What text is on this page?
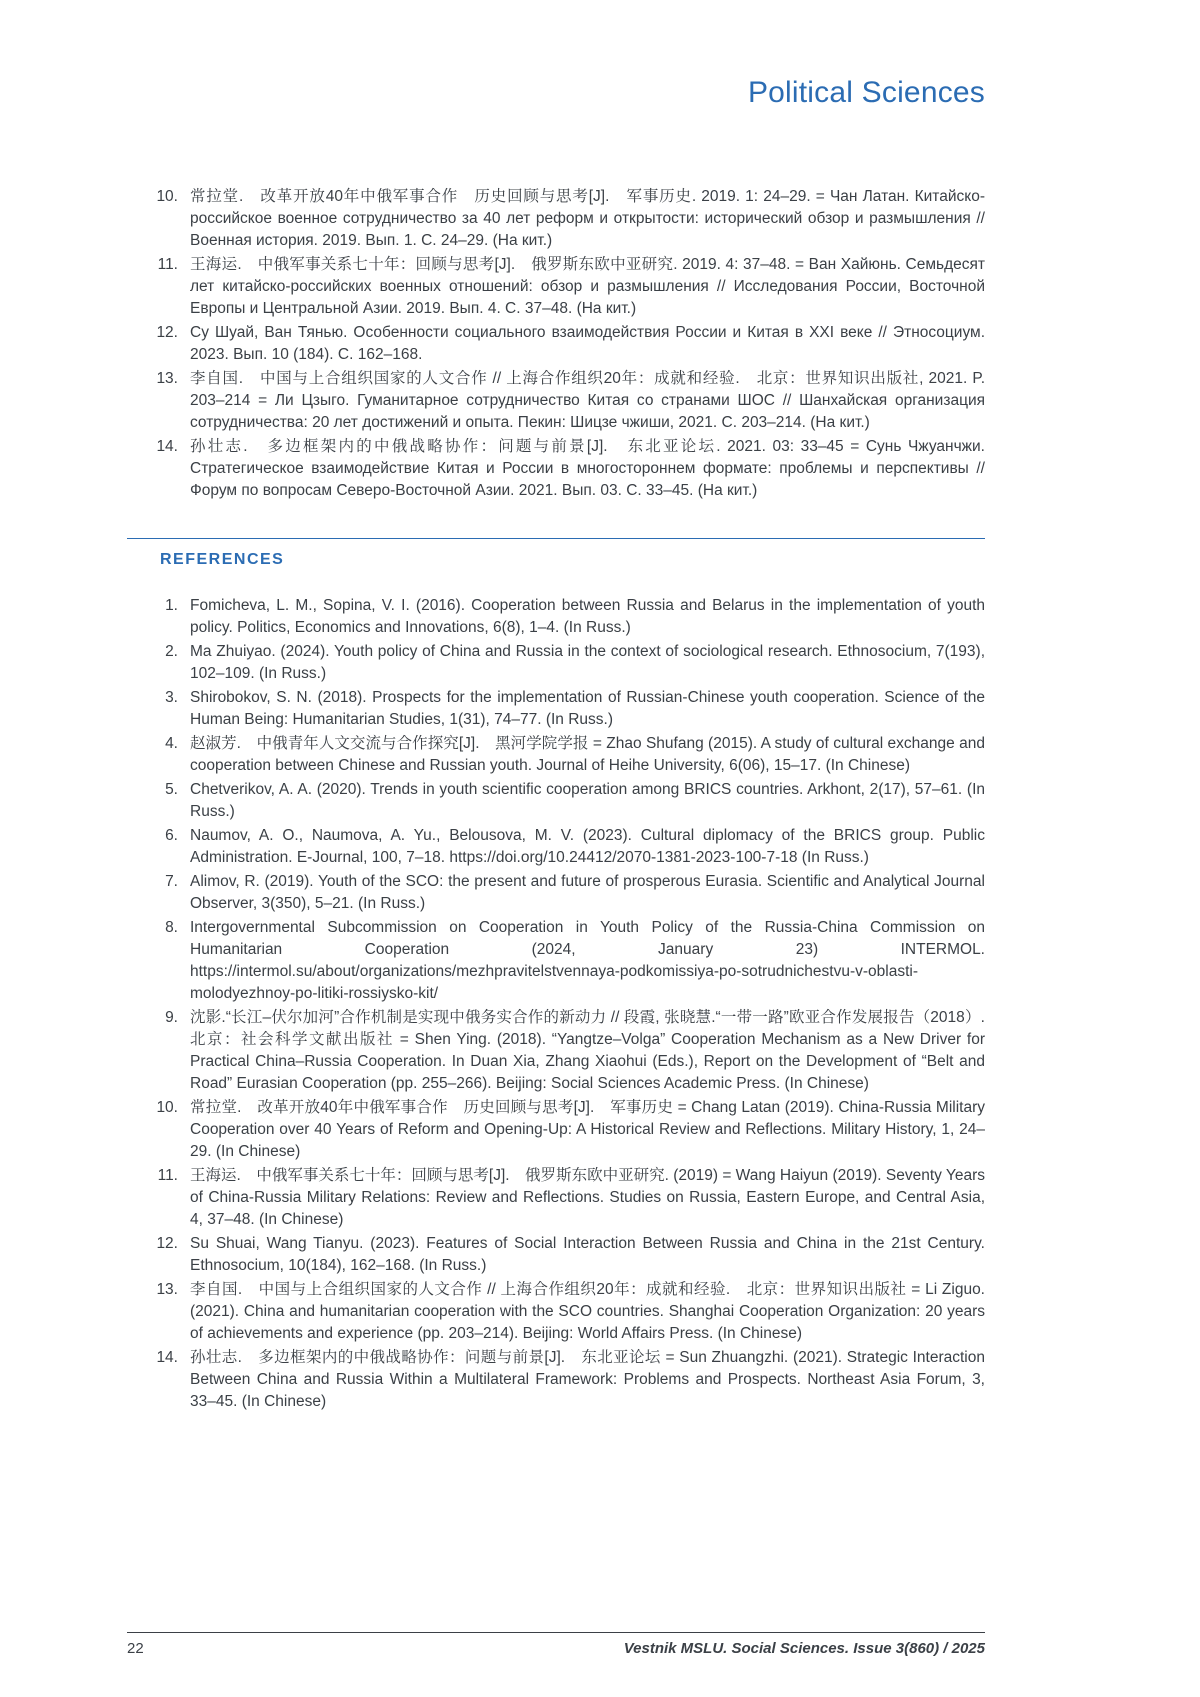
Political Sciences
10. 常拉堂.　改革开放40年中俄军事合作　历史回顾与思考[J].　军事历史. 2019. 1: 24–29. = Чан Латан. Китайско-российское военное сотрудничество за 40 лет реформ и открытости: исторический обзор и размышления // Военная история. 2019. Вып. 1. С. 24–29. (На кит.)
11. 王海运.　中俄军事关系七十年：回顾与思考[J].　俄罗斯东欧中亚研究. 2019. 4: 37–48. = Ван Хайюнь. Семьдесят лет китайско-российских военных отношений: обзор и размышления // Исследования России, Восточной Европы и Центральной Азии. 2019. Вып. 4. С. 37–48. (На кит.)
12. Су Шуай, Ван Тянью. Особенности социального взаимодействия России и Китая в XXI веке // Этносоциум. 2023. Вып. 10 (184). С. 162–168.
13. 李自国.　中国与上合组织国家的人文合作 // 上海合作组织20年：成就和经验.　北京：世界知识出版社, 2021. P. 203–214 = Ли Цзыго. Гуманитарное сотрудничество Китая со странами ШОС // Шанхайская организация сотрудничества: 20 лет достижений и опыта. Пекин: Шицзе чжиши, 2021. С. 203–214. (На кит.)
14. 孙壮志.　多边框架内的中俄战略协作：问题与前景[J].　东北亚论坛. 2021. 03: 33–45 = Сунь Чжуанчжи. Стратегическое взаимодействие Китая и России в многостороннем формате: проблемы и перспективы // Форум по вопросам Северо-Восточной Азии. 2021. Вып. 03. С. 33–45. (На кит.)
REFERENCES
1. Fomicheva, L. M., Sopina, V. I. (2016). Cooperation between Russia and Belarus in the implementation of youth policy. Politics, Economics and Innovations, 6(8), 1–4. (In Russ.)
2. Ma Zhuiyao. (2024). Youth policy of China and Russia in the context of sociological research. Ethnosocium, 7(193), 102–109. (In Russ.)
3. Shirobokov, S. N. (2018). Prospects for the implementation of Russian-Chinese youth cooperation. Science of the Human Being: Humanitarian Studies, 1(31), 74–77. (In Russ.)
4. 赵淑芳.　中俄青年人文交流与合作探究[J].　黑河学院学报 = Zhao Shufang (2015). A study of cultural exchange and cooperation between Chinese and Russian youth. Journal of Heihe University, 6(06), 15–17. (In Chinese)
5. Chetverikov, A. A. (2020). Trends in youth scientific cooperation among BRICS countries. Arkhont, 2(17), 57–61. (In Russ.)
6. Naumov, A. O., Naumova, A. Yu., Belousova, M. V. (2023). Cultural diplomacy of the BRICS group. Public Administration. E-Journal, 100, 7–18. https://doi.org/10.24412/2070-1381-2023-100-7-18 (In Russ.)
7. Alimov, R. (2019). Youth of the SCO: the present and future of prosperous Eurasia. Scientific and Analytical Journal Observer, 3(350), 5–21. (In Russ.)
8. Intergovernmental Subcommission on Cooperation in Youth Policy of the Russia-China Commission on Humanitarian Cooperation (2024, January 23) INTERMOL. https://intermol.su/about/organizations/mezhpravitelstvennaya-podkomissiya-po-sotrudnichestvu-v-oblasti-molodyezhnoy-po-litiki-rossiysko-kit/
9. 沈影.“长江–伏尔加河”合作机制是实现中俄务实合作的新动力 // 段霞, 张晓慧.“一带一路”欧亚合作发展报告（2018）.　北京：社会科学文献出版社 = Shen Ying. (2018). “Yangtze–Volga” Cooperation Mechanism as a New Driver for Practical China–Russia Cooperation. In Duan Xia, Zhang Xiaohui (Eds.), Report on the Development of “Belt and Road” Eurasian Cooperation (pp. 255–266). Beijing: Social Sciences Academic Press. (In Chinese)
10. 常拉堂.　改革开放40年中俄军事合作　历史回顾与思考[J].　军事历史 = Chang Latan (2019). China-Russia Military Cooperation over 40 Years of Reform and Opening-Up: A Historical Review and Reflections. Military History, 1, 24–29. (In Chinese)
11. 王海运.　中俄军事关系七十年：回顾与思考[J].　俄罗斯东欧中亚研究. (2019) = Wang Haiyun (2019). Seventy Years of China-Russia Military Relations: Review and Reflections. Studies on Russia, Eastern Europe, and Central Asia, 4, 37–48. (In Chinese)
12. Su Shuai, Wang Tianyu. (2023). Features of Social Interaction Between Russia and China in the 21st Century. Ethnosocium, 10(184), 162–168. (In Russ.)
13. 李自国.　中国与上合组织国家的人文合作 // 上海合作组织20年：成就和经验.　北京：世界知识出版社 = Li Ziguo. (2021). China and humanitarian cooperation with the SCO countries. Shanghai Cooperation Organization: 20 years of achievements and experience (pp. 203–214). Beijing: World Affairs Press. (In Chinese)
14. 孙壮志.　多边框架内的中俄战略协作：问题与前景[J].　东北亚论坛 = Sun Zhuangzhi. (2021). Strategic Interaction Between China and Russia Within a Multilateral Framework: Problems and Prospects. Northeast Asia Forum, 3, 33–45. (In Chinese)
22	Vestnik MSLU. Social Sciences. Issue 3(860) / 2025
